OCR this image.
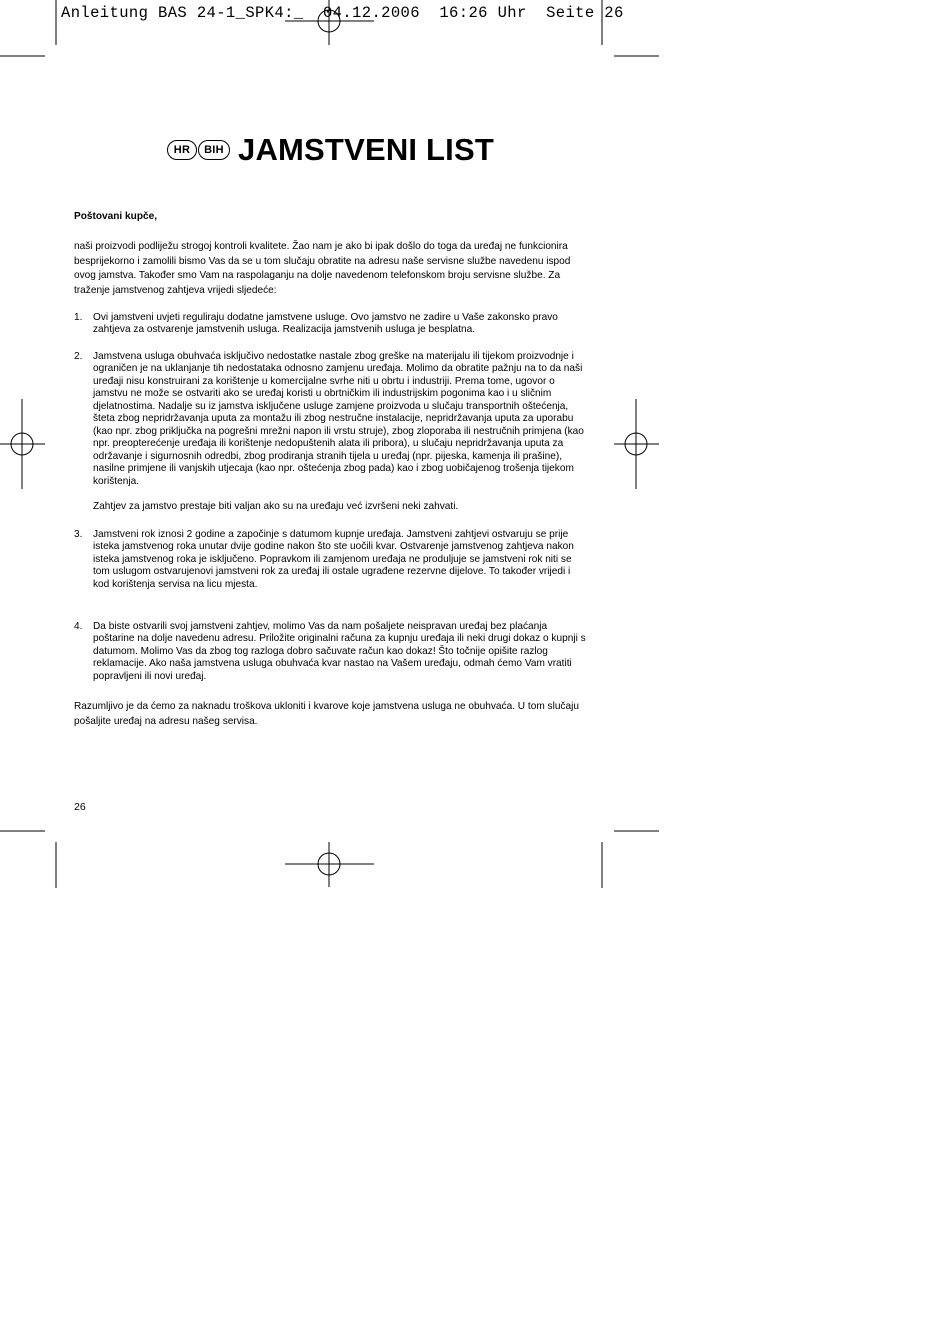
Anleitung BAS 24-1_SPK4:_  04.12.2006  16:26 Uhr  Seite 26
HR	BIH JAMSTVENI LIST
Poštovani kupče,
naši proizvodi podliježu strogoj kontroli kvalitete. Žao nam je ako bi ipak došlo do toga da uređaj ne funkcionira besprijekorno i zamolili bismo Vas da se u tom slučaju obratite na adresu naše servisne službe navedenu ispod ovog jamstva. Također smo Vam na raspolaganju na dolje navedenom telefonskom broju servisne službe. Za traženje jamstvenog zahtjeva vrijedi sljedeće:
1. Ovi jamstveni uvjeti reguliraju dodatne jamstvene usluge. Ovo jamstvo ne zadire u Vaše zakonsko pravo zahtjeva za ostvarenje jamstvenih usluga. Realizacija jamstvenih usluga je besplatna.
2. Jamstvena usluga obuhvaća isključivo nedostatke nastale zbog greške na materijalu ili tijekom proizvodnje i ograničen je na uklanjanje tih nedostataka odnosno zamjenu uređaja. Molimo da obratite pažnju na to da naši uređaji nisu konstruirani za korištenje u komercijalne svrhe niti u obrtu i industriji. Prema tome, ugovor o jamstvu ne može se ostvariti ako se uređaj koristi u obrtničkim ili industrijskim pogonima kao i u sličnim djelatnostima. Nadalje su iz jamstva isključene usluge zamjene proizvoda u slučaju transportnih oštećenja, šteta zbog nepridržavanja uputa za montažu ili zbog nestručne instalacije, nepridržavanja uputa za uporabu (kao npr. zbog priključka na pogrešni mrežni napon ili vrstu struje), zbog zloporaba ili nestručnih primjena (kao npr. preopterećenje uređaja ili korištenje nedopuštenih alata ili pribora), u slučaju nepridržavanja uputa za održavanje i sigurnosnih odredbi, zbog prodiranja stranih tijela u uređaj (npr. pijeska, kamenja ili prašine), nasilne primjene ili vanjskih utjecaja (kao npr. oštećenja zbog pada) kao i zbog uobičajenog trošenja tijekom korištenja.
Zahtjev za jamstvo prestaje biti valjan ako su na uređaju već izvršeni neki zahvati.
3. Jamstveni rok iznosi 2 godine a započinje s datumom kupnje uređaja. Jamstveni zahtjevi ostvaruju se prije isteka jamstvenog roka unutar dvije godine nakon što ste uočili kvar. Ostvarenje jamstvenog zahtjeva nakon isteka jamstvenog roka je isključeno. Popravkom ili zamjenom uređaja ne produljuje se jamstveni rok niti se tom uslugom ostvarujenovi jamstveni rok za uređaj ili ostale ugrađene rezervne dijelove. To također vrijedi i kod korištenja servisa na licu mjesta.
4. Da biste ostvarili svoj jamstveni zahtjev, molimo Vas da nam pošaljete neispravan uređaj bez plaćanja poštarine na dolje navedenu adresu. Priložite originalni računa za kupnju uređaja ili neki drugi dokaz o kupnji s datumom. Molimo Vas da zbog tog razloga dobro sačuvate račun kao dokaz! Što točnije opišite razlog reklamacije. Ako naša jamstvena usluga obuhvaća kvar nastao na Vašem uređaju, odmah ćemo Vam vratiti popravljeni ili novi uređaj.
Razumljivo je da ćemo za naknadu troškova ukloniti i kvarove koje jamstvena usluga ne obuhvaća. U tom slučaju pošaljite uređaj na adresu našeg servisa.
26
